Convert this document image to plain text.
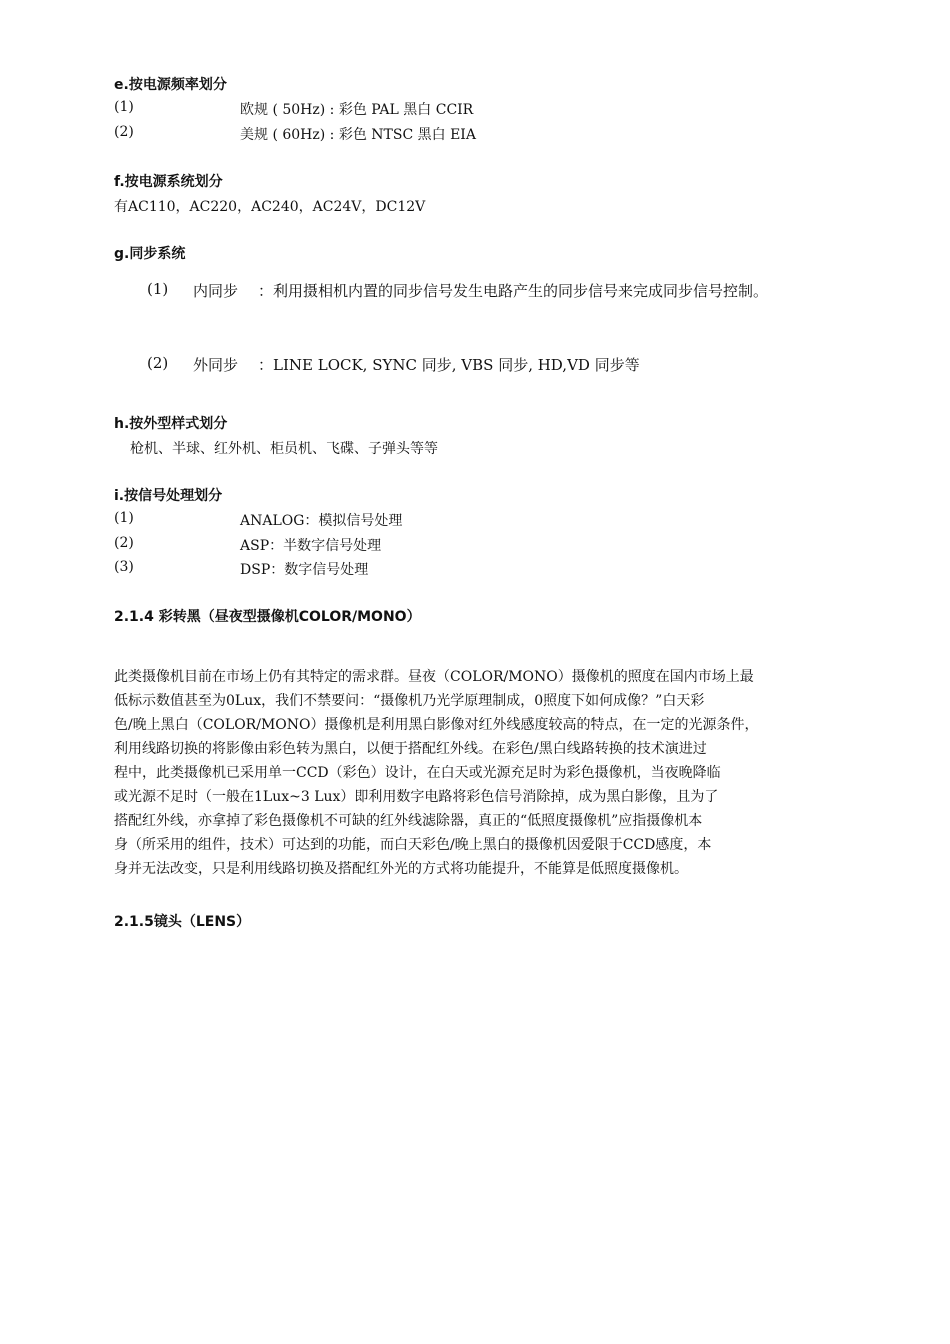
e.按电源频率划分
(1)	欧规 ( 50Hz) : 彩色 PAL 黑白 CCIR
(2)	美规 ( 60Hz) : 彩色 NTSC 黑白 EIA
f.按电源系统划分
有AC110，AC220，AC240，AC24V，DC12V
g.同步系统
(1) 内同步 ：利用摄相机内置的同步信号发生电路产生的同步信号来完成同步信号控制。
(2) 外同步 ：LINE LOCK, SYNC 同步, VBS 同步, HD,VD 同步等
h.按外型样式划分
枪机、半球、红外机、柜员机、飞碟、子弹头等等
i.按信号处理划分
(1)	ANALOG：模拟信号处理
(2)	ASP：半数字信号处理
(3)	DSP：数字信号处理
2.1.4 彩转黑（昼夜型摄像机COLOR/MONO）
此类摄像机目前在市场上仍有其特定的需求群。昼夜（COLOR/MONO）摄像机的照度在国内市场上最
低标示数值甚至为0Lux，我们不禁要问：“摄像机乃光学原理制成，0照度下如何成像？”白天彩
色/晚上黑白（COLOR/MONO）摄像机是利用黑白影像对红外线感度较高的特点，在一定的光源条件，
利用线路切换的将影像由彩色转为黑白，以便于搭配红外线。在彩色/黑白线路转换的技术演进过
程中，此类摄像机已采用单一CCD（彩色）设计，在白天或光源充足时为彩色摄像机，当夜晚降临
或光源不足时（一般在1Lux~3 Lux）即利用数字电路将彩色信号消除掉，成为黑白影像，且为了
搭配红外线，亦拿掉了彩色摄像机不可缺的红外线滤除器，真正的“低照度摄像机”应指摄像机本
身（所采用的组件，技术）可达到的功能，而白天彩色/晚上黑白的摄像机因爱限于CCD感度，本
身并无法改变，只是利用线路切换及搭配红外光的方式将功能提升，不能算是低照度摄像机。
2.1.5镜头（LENS）
